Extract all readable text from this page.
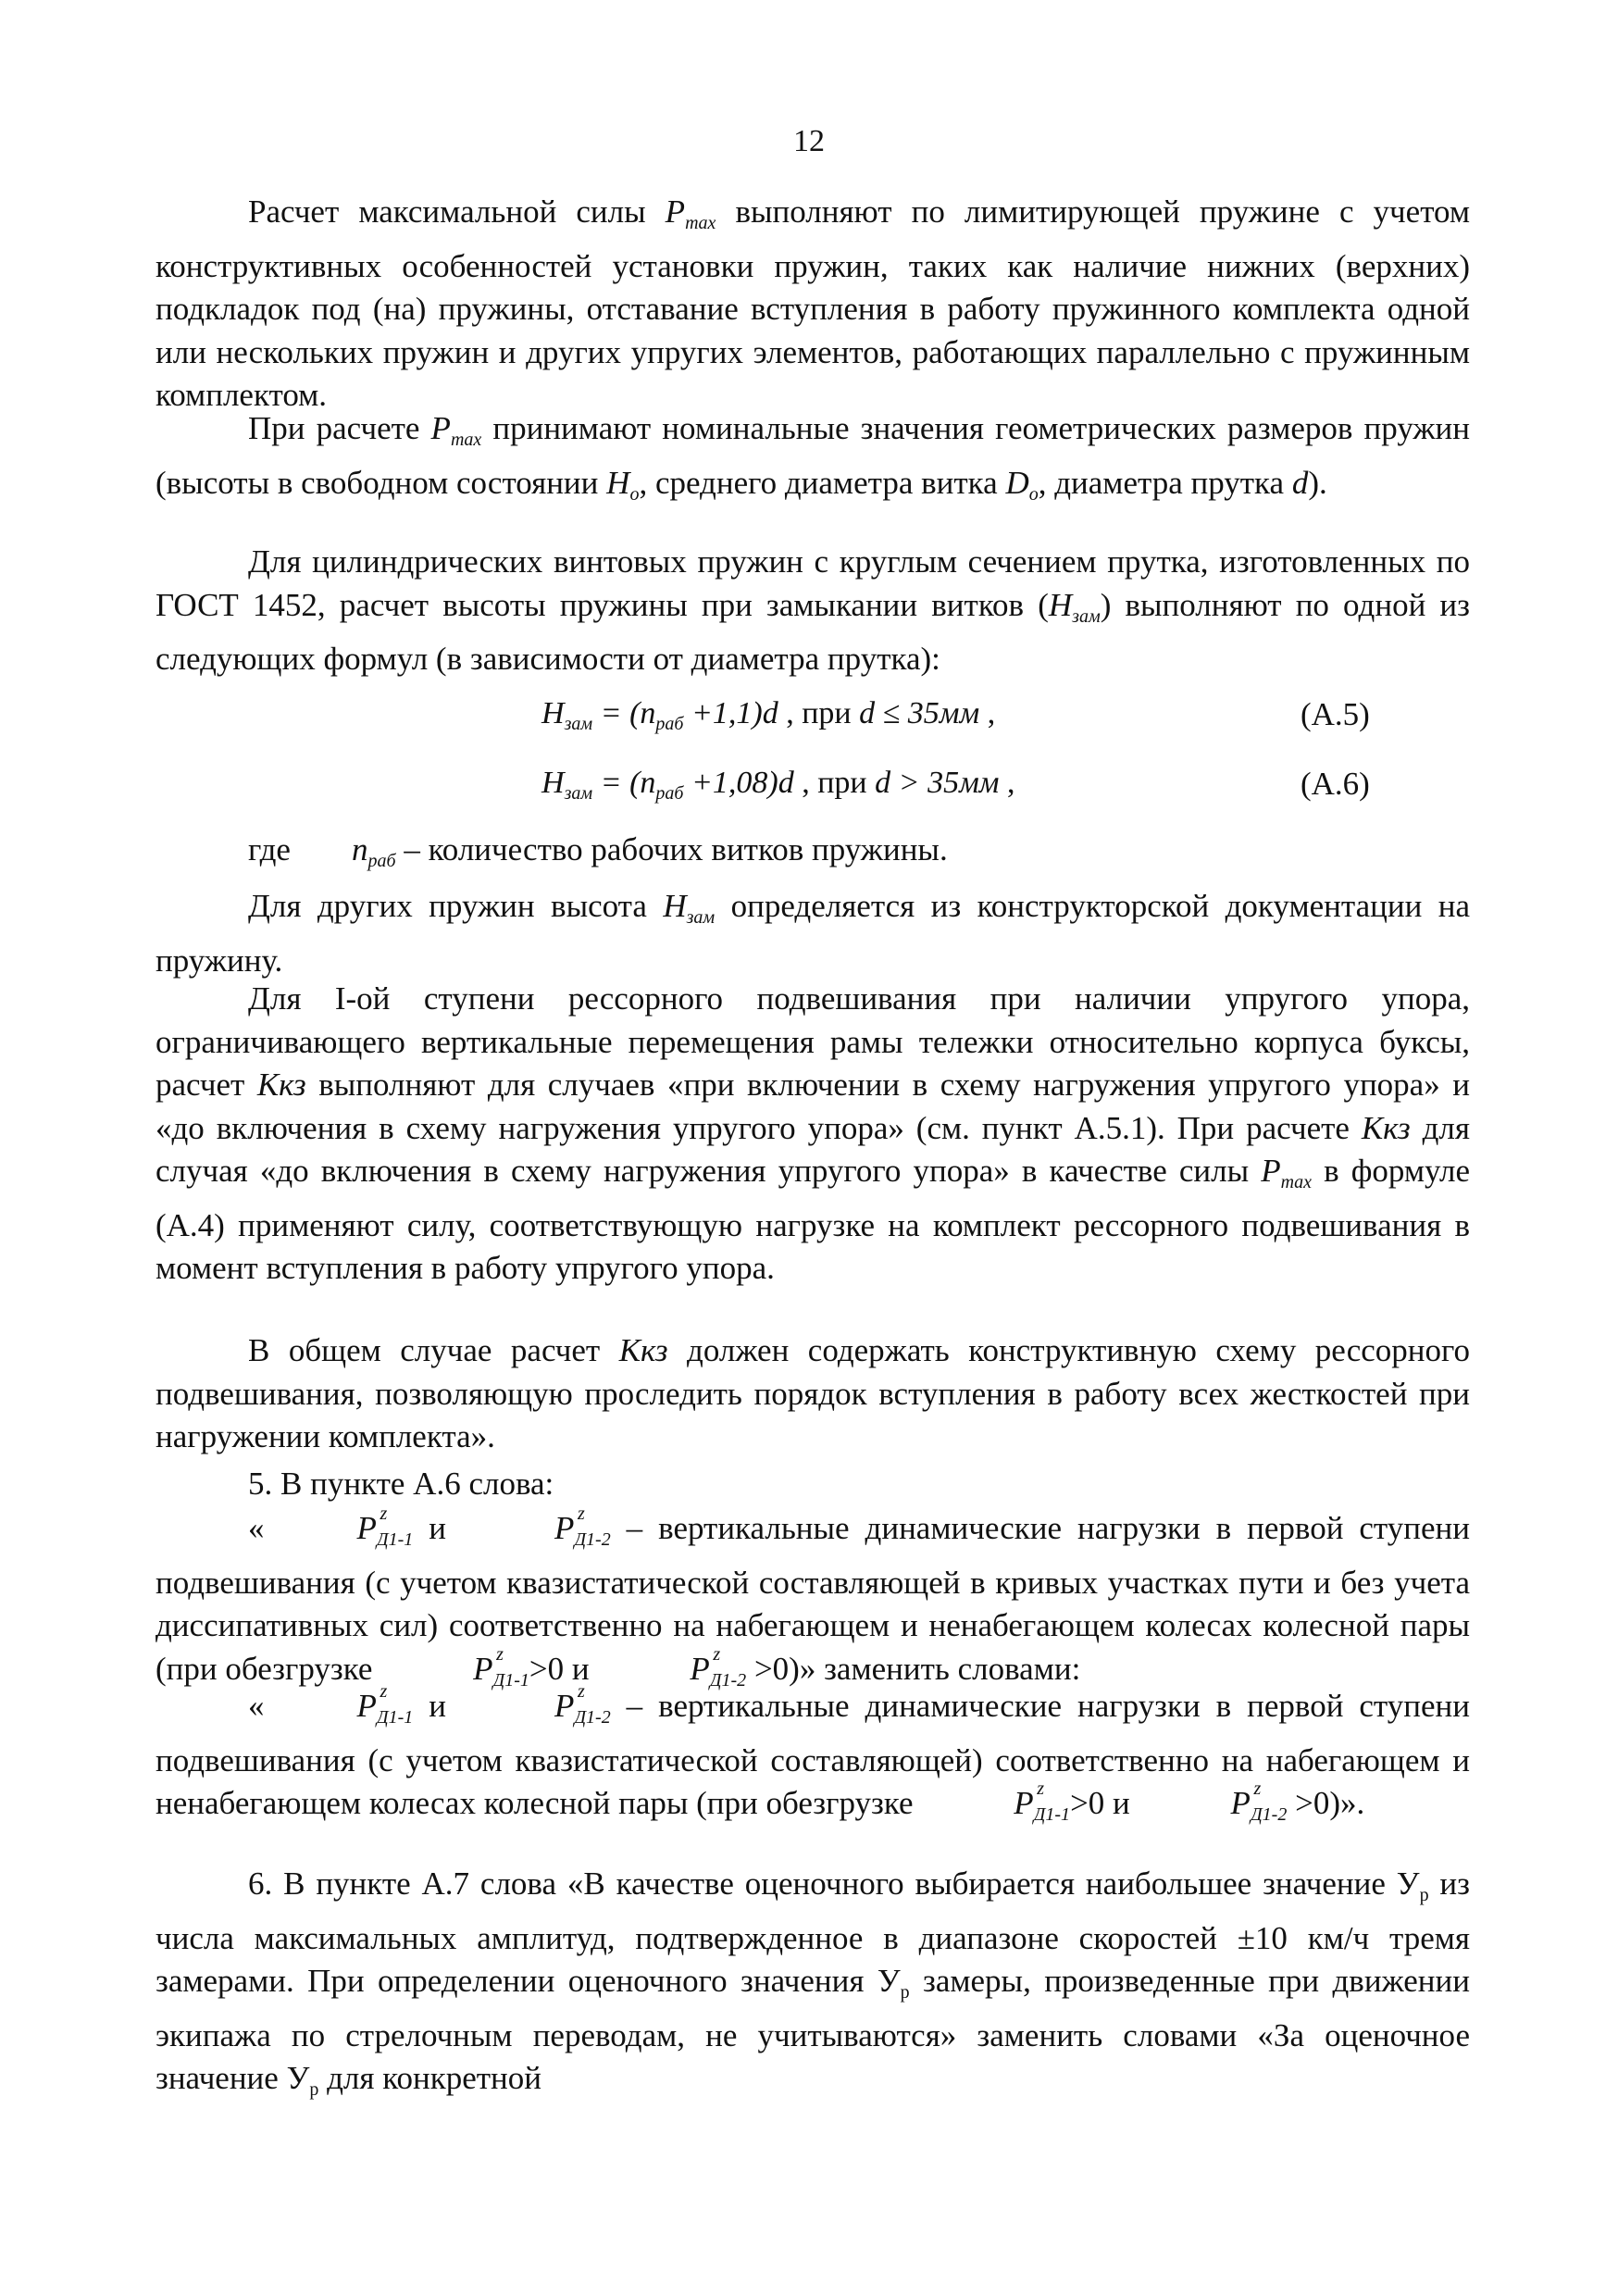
12

Расчет максимальной силы $P_{max}$ выполняют по лимитирующей пружине с учетом конструктивных особенностей установки пружин, таких как наличие нижних (верхних) подкладок под (на) пружины, отставание вступления в работу пружинного комплекта одной или нескольких пружин и других упругих элементов, работающих параллельно с пружинным комплектом.

При расчете $P_{max}$ принимают номинальные значения геометрических размеров пружин (высоты в свободном состоянии $H_о$, среднего диаметра витка $D_о$, диаметра прутка d).

Для цилиндрических винтовых пружин с круглым сечением прутка, изготовленных по ГОСТ 1452, расчет высоты пружины при замыкании витков $(H_{зам})$ выполняют по одной из следующих формул (в зависимости от диаметра прутка):

$H_{зам} = (n_{раб} +1,1)d$ , при d ≤ 35мм ,	(А.5)
$H_{зам} = (n_{раб} +1,08)d$ , при d > 35мм ,	(А.6)
где $n_{раб}$ – количество рабочих витков пружины.

Для других пружин высота $H_{зам}$ определяется из конструкторской документации на пружину.

Для I-ой ступени рессорного подвешивания при наличии упругого упора, ограничивающего вертикальные перемещения рамы тележки относительно корпуса буксы, расчет Ккз выполняют для случаев «при включении в схему нагружения упругого упора» и «до включения в схему нагружения упругого упора» (см. пункт А.5.1). При расчете Ккз для случая «до включения в схему нагружения упругого упора» в качестве силы $P_{max}$ в формуле (А.4) применяют силу, соответствующую нагрузке на комплект рессорного подвешивания в момент вступления в работу упругого упора.

В общем случае расчет Ккз должен содержать конструктивную схему рессорного подвешивания, позволяющую проследить порядок вступления в работу всех жесткостей при нагружении комплекта».

5. В пункте А.6 слова:

«	P z
$_{Д1-1}$ и	P z
$_{Д1-2}$ – вертикальные динамические нагрузки в первой ступени подвешивания (с учетом квазистатической составляющей в кривых участках пути и без учета диссипативных сил) соответственно на набегающем и ненабегающем колесах колесной пары (при обезгрузке	P z
$_{Д1-1}$>0 и	P z
$_{Д1-2}$ >0)» заменить словами:

«	P z
$_{Д1-1}$ и	P z
$_{Д1-2}$ – вертикальные динамические нагрузки в первой ступени подвешивания (с учетом квазистатической составляющей) соответственно на набегающем и ненабегающем колесах колесной пары (при обезгрузке	P z
$_{Д1-1}$>0 и	P z
$_{Д1-2}$ >0)».

6. В пункте А.7 слова «В качестве оценочного выбирается наибольшее значение $У_р$ из числа максимальных амплитуд, подтвержденное в диапазоне скоростей ±10 км/ч тремя замерами. При определении оценочного значения $У_р$ замеры, произведенные при движении экипажа по стрелочным переводам, не учитываются» заменить словами «За оценочное значение $У_р$ для конкретной
